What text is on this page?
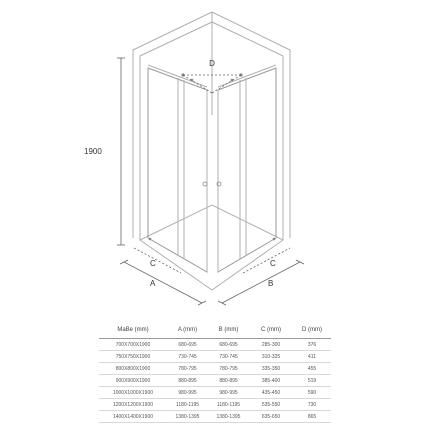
D
1900
C	C
A	B
MaBe (mm)	A (mm)	B (mm)	C (mm)	D (mm)
700X700X1900	680-695	680-695	285-300	376
750X750X1900	730-745	730-745	310-325	411
800X800X1900	780-795	780-795	335-350	455
900X900X1900	880-895	880-895	385-400	519
1000X1000X1900	980-995	980-995	435-450	590
1200X1200X1900	1180-1195	1180-1195	535-550	730
1400X1400X1900	1380-1395	1380-1395	635-650	865
